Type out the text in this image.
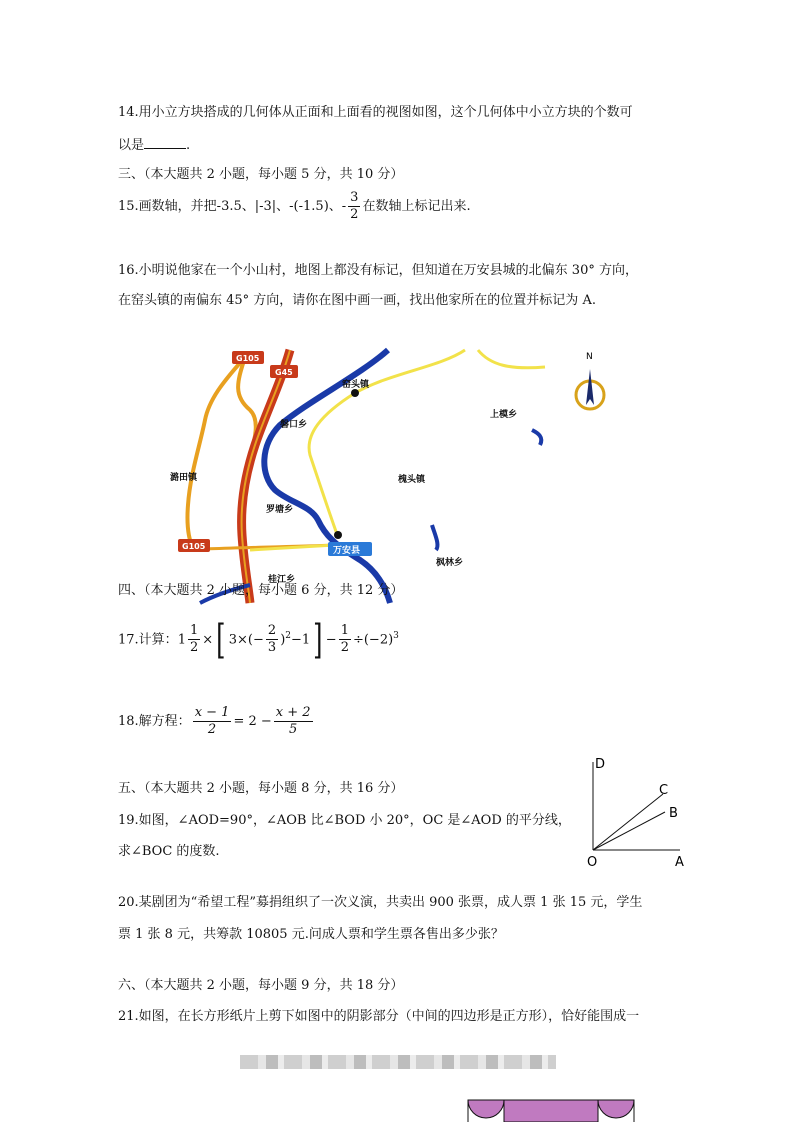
14.用小立方块搭成的几何体从正面和上面看的视图如图，这个几何体中小立方块的个数可
以是	.
三、（本大题共 2 小题，每小题 5 分，共 10 分）
15.画数轴，并把-3.5、|-3|、-(-1.5)、- $\frac{3}{2}$ 在数轴上标记出来.
16.小明说他家在一个小山村，地图上都没有标记，但知道在万安县城的北偏东 30° 方向，
在窑头镇的南偏东 45° 方向，请你在图中画一画，找出他家所在的位置并标记为 A.
G105
G45
G105
窑头镇
上模乡
磐口乡
潞田镇	槐头镇
罗塘乡
万安县
枫林乡
桂江乡
N
四、（本大题共 2 小题，每小题 6 分，共 12 分）
17.计算：$1 \frac{1}{2}$ ×[ $3\times(- \frac{2}{3} )^2-1] - \frac{1}{2} \div(-2)^3$
18.解方程： $\frac{x - 1}{2} = 2 - \frac{x + 2}{5}$
五、（本大题共 2 小题，每小题 8 分，共 16 分）
19.如图，∠AOD=90°，∠AOB 比∠BOD 小 20°，OC 是∠AOD 的平分线，
求∠BOC 的度数.
D
C
B
O	A
20.某剧团为“希望工程”募捐组织了一次义演，共卖出 900 张票，成人票 1 张 15 元，学生
票 1 张 8 元，共筹款 10805 元.问成人票和学生票各售出多少张？
六、（本大题共 2 小题，每小题 9 分，共 18 分）
21.如图，在长方形纸片上剪下如图中的阴影部分（中间的四边形是正方形），恰好能围成一
